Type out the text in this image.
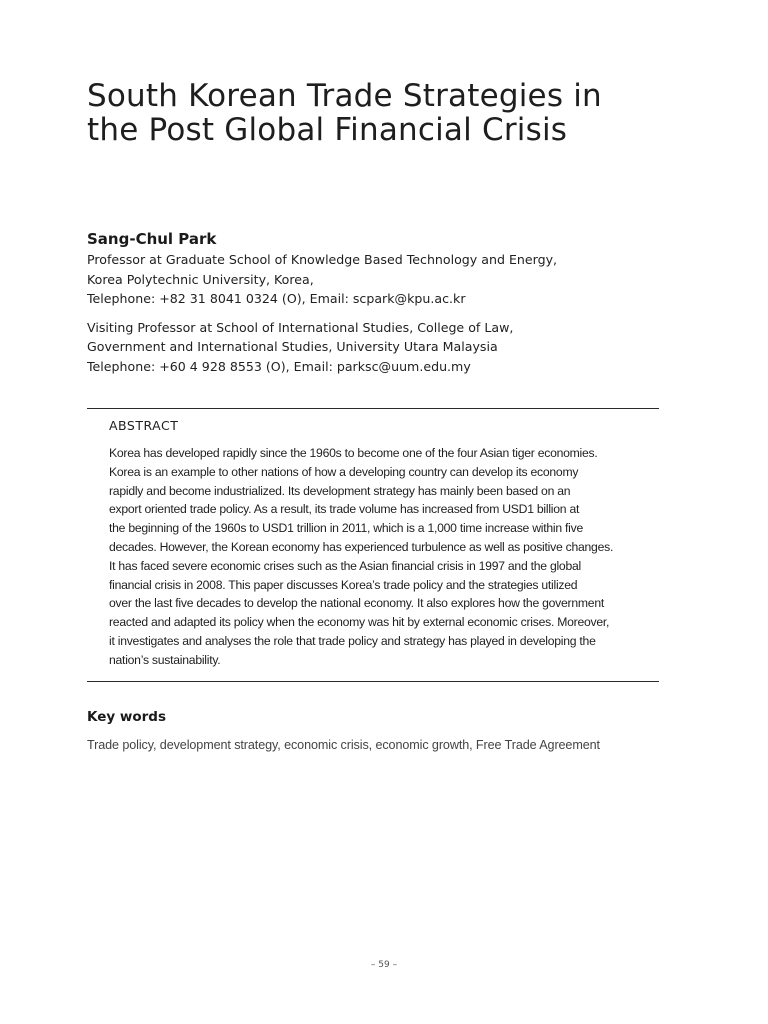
South Korean Trade Strategies in
the Post Global Financial Crisis
Sang-Chul Park
Professor at Graduate School of Knowledge Based Technology and Energy,
Korea Polytechnic University, Korea,
Telephone: +82 31 8041 0324 (O), Email: scpark@kpu.ac.kr
Visiting Professor at School of International Studies, College of Law,
Government and International Studies, University Utara Malaysia
Telephone: +60 4 928 8553 (O), Email: parksc@uum.edu.my
ABSTRACT
Korea has developed rapidly since the 1960s to become one of the four Asian tiger economies.
Korea is an example to other nations of how a developing country can develop its economy
rapidly and become industrialized. Its development strategy has mainly been based on an
export oriented trade policy. As a result, its trade volume has increased from USD1 billion at
the beginning of the 1960s to USD1 trillion in 2011, which is a 1,000 time increase within five
decades. However, the Korean economy has experienced turbulence as well as positive changes.
It has faced severe economic crises such as the Asian financial crisis in 1997 and the global
financial crisis in 2008. This paper discusses Korea’s trade policy and the strategies utilized
over the last five decades to develop the national economy. It also explores how the government
reacted and adapted its policy when the economy was hit by external economic crises. Moreover,
it investigates and analyses the role that trade policy and strategy has played in developing the
nation’s sustainability.
Key words
Trade policy, development strategy, economic crisis, economic growth, Free Trade Agreement
– 59 –
